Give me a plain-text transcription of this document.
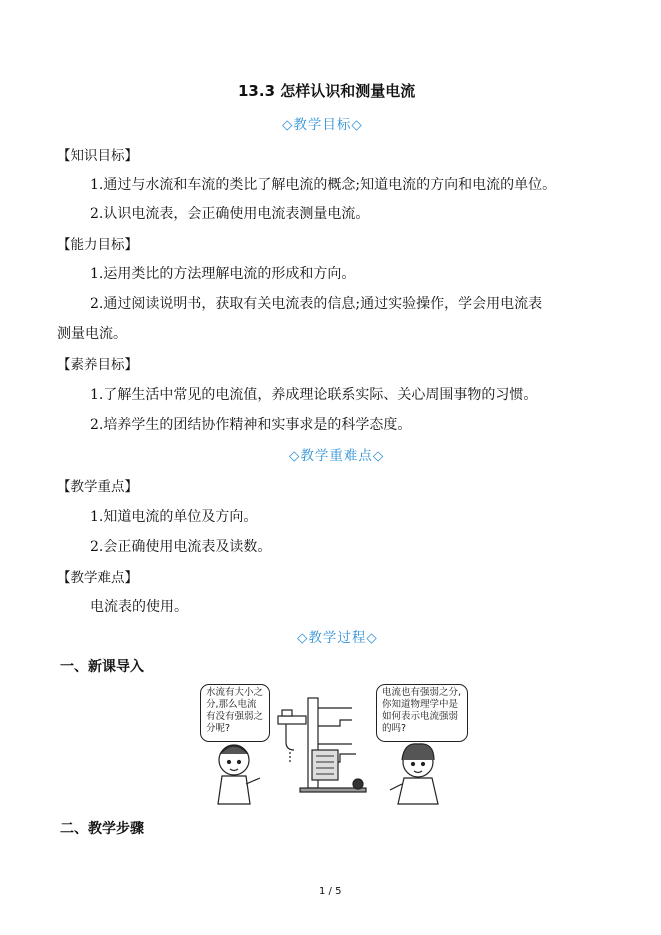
13.3 怎样认识和测量电流
◇教学目标◇
【知识目标】
1.通过与水流和车流的类比了解电流的概念;知道电流的方向和电流的单位。
2.认识电流表，会正确使用电流表测量电流。
【能力目标】
1.运用类比的方法理解电流的形成和方向。
2.通过阅读说明书，获取有关电流表的信息;通过实验操作，学会用电流表
测量电流。
【素养目标】
1.了解生活中常见的电流值，养成理论联系实际、关心周围事物的习惯。
2.培养学生的团结协作精神和实事求是的科学态度。
◇教学重难点◇
【教学重点】
1.知道电流的单位及方向。
2.会正确使用电流表及读数。
【教学难点】
电流表的使用。
◇教学过程◇
一、新课导入
水流有大小之分,那么电流有没有强弱之分呢?
电流也有强弱之分,你知道物理学中是如何表示电流强弱的吗?
二、教学步骤
1 / 5
